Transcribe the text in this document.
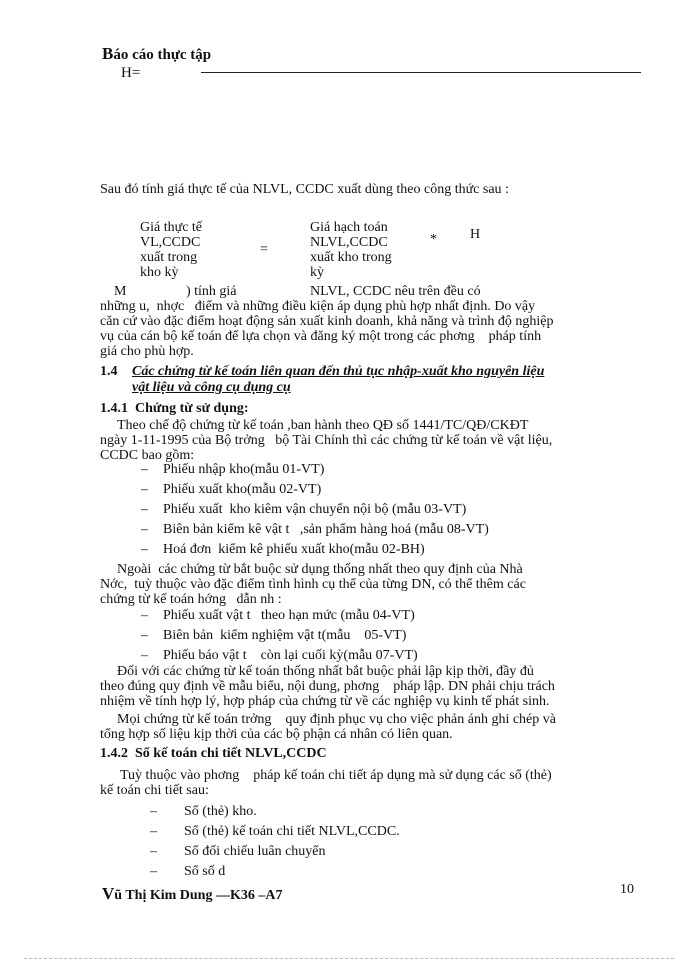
Báo cáo thực tập
H=
Sau đó tính giá thực tế của NLVL, CCDC xuất dùng theo công thức sau :
Giá thực tế
VL,CCDC
xuất trong
kho kỳ
=
Giá hạch toán
NLVL,CCDC
xuất kho trong
kỳ
* H
M                 ) tính giá                     NLVL, CCDC nêu trên đều có
những u,  nhợc   điểm và những điều kiện áp dụng phù hợp nhất định. Do vậy
căn cứ vào đặc điểm hoạt động sản xuất kinh doanh, khả năng và trình độ nghiệp
vụ của cán bộ kế toán để lựa chọn và đăng ký một trong các phơng    pháp tính
giá cho phù hợp.
1.4 Các chứng từ kế toán liên quan đến thủ tục nhập-xuất kho nguyên liệu
vật liệu và công cụ dụng cụ
1.4.1 Chứng từ sử dụng:
Theo chế độ chứng từ kế toán ,ban hành theo QĐ số 1441/TC/QĐ/CKĐT
ngày 1-11-1995 của Bộ trởng   bộ Tài Chính thì các chứng từ kế toán về vật liệu,
CCDC bao gồm:
– Phiếu nhập kho(mẫu 01-VT)
– Phiếu xuất kho(mẫu 02-VT)
– Phiếu xuất  kho kiêm vận chuyển nội bộ (mẫu 03-VT)
– Biên bản kiểm kê vật t   ,sản phẩm hàng hoá (mẫu 08-VT)
– Hoá đơn  kiểm kê phiếu xuất kho(mẫu 02-BH)
Ngoài  các chứng từ bắt buộc sử dụng thống nhất theo quy định của Nhà
Nớc,  tuỳ thuộc vào đặc điểm tình hình cụ thể của từng DN, có thể thêm các
chứng từ kế toán hớng   dẫn nh :
– Phiếu xuất vật t   theo hạn mức (mẫu 04-VT)
– Biên bản  kiểm nghiệm vật t(mẫu    05-VT)
– Phiếu báo vật t    còn lại cuối kỳ(mẫu 07-VT)
Đối với các chứng từ kế toán thống nhất bắt buộc phải lập kịp thời, đầy đủ
theo đúng quy định về mẫu biểu, nội dung, phơng    pháp lập. DN phải chịu trách
nhiệm về tính hợp lý, hợp pháp của chứng từ về các nghiệp vụ kinh tế phát sinh.
Mọi chứng từ kế toán trởng    quy định phục vụ cho việc phản ánh ghi chép và
tổng hợp số liệu kịp thời của các bộ phận cá nhân có liên quan.
1.4.2 Sổ kế toán chi tiết NLVL,CCDC
Tuỳ thuộc vào phơng    pháp kế toán chi tiết áp dụng mà sử dụng các sổ (thẻ)
kế toán chi tiết sau:
– Sổ (thẻ) kho.
– Sổ (thẻ) kế toán chi tiết NLVL,CCDC.
– Sổ đối chiếu luân chuyển
– Sổ số d
Vũ Thị Kim Dung —K36 –A7	10
